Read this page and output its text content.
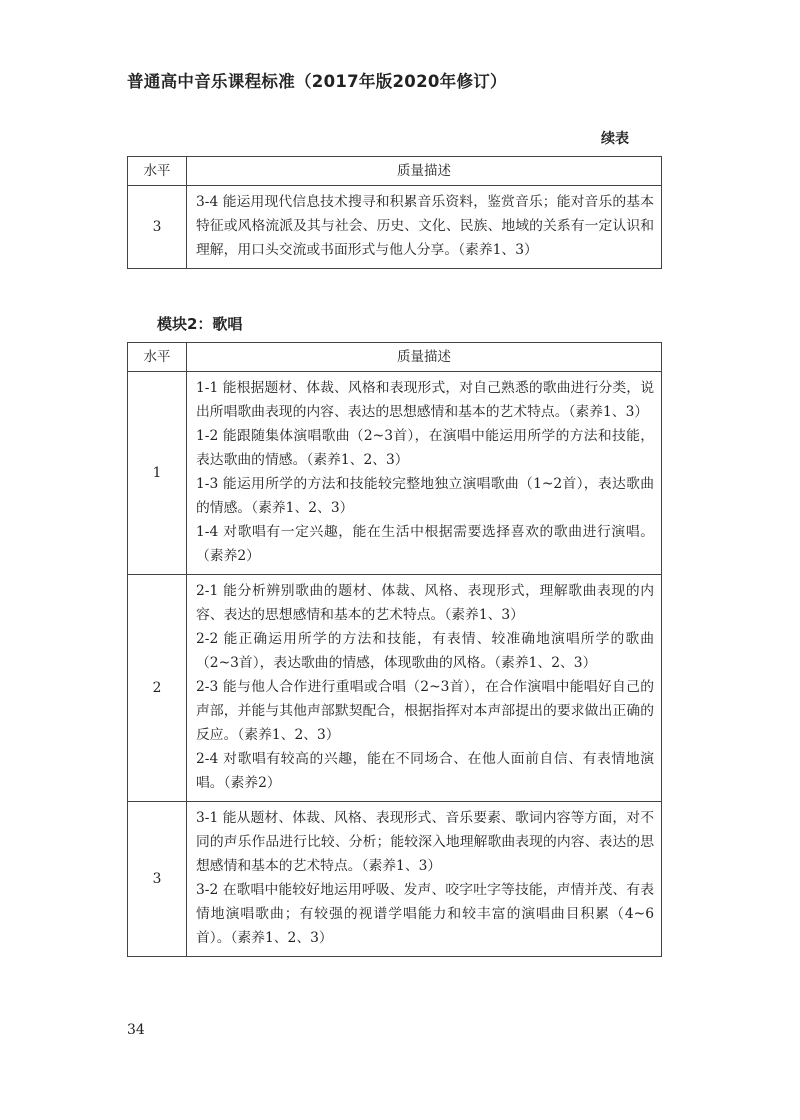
普通高中音乐课程标准（2017年版2020年修订）
续表
水平	质量描述
3	3-4 能运用现代信息技术搜寻和积累音乐资料，鉴赏音乐；能对音乐的基本特征或风格流派及其与社会、历史、文化、民族、地域的关系有一定认识和理解，用口头交流或书面形式与他人分享。（素养1、3）

模块2：歌唱
水平	质量描述
1	1-1 能根据题材、体裁、风格和表现形式，对自己熟悉的歌曲进行分类，说出所唱歌曲表现的内容、表达的思想感情和基本的艺术特点。（素养1、3）

1-2 能跟随集体演唱歌曲（2~3首），在演唱中能运用所学的方法和技能，表达歌曲的情感。（素养1、2、3）

1-3 能运用所学的方法和技能较完整地独立演唱歌曲（1~2首），表达歌曲的情感。（素养1、2、3）

1-4 对歌唱有一定兴趣，能在生活中根据需要选择喜欢的歌曲进行演唱。（素养2）

2	2-1 能分析辨别歌曲的题材、体裁、风格、表现形式，理解歌曲表现的内容、表达的思想感情和基本的艺术特点。（素养1、3）

2-2 能正确运用所学的方法和技能，有表情、较准确地演唱所学的歌曲（2~3首），表达歌曲的情感，体现歌曲的风格。（素养1、2、3）

2-3 能与他人合作进行重唱或合唱（2~3首），在合作演唱中能唱好自己的声部，并能与其他声部默契配合，根据指挥对本声部提出的要求做出正确的反应。（素养1、2、3）

2-4 对歌唱有较高的兴趣，能在不同场合、在他人面前自信、有表情地演唱。（素养2）

3	3-1 能从题材、体裁、风格、表现形式、音乐要素、歌词内容等方面，对不同的声乐作品进行比较、分析；能较深入地理解歌曲表现的内容、表达的思想感情和基本的艺术特点。（素养1、3）

3-2 在歌唱中能较好地运用呼吸、发声、咬字吐字等技能，声情并茂、有表情地演唱歌曲；有较强的视谱学唱能力和较丰富的演唱曲目积累（4~6首）。（素养1、2、3）

34
